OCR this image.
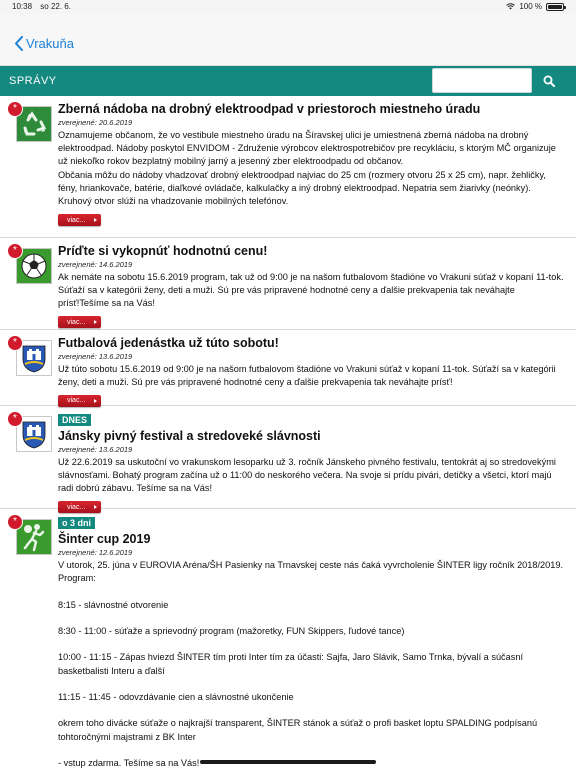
10:38 so 22. 6.	100 %
Vrakuňa
SPRÁVY
*	Zberná nádoba na drobný elektroodpad v priestoroch miestneho úradu
zverejnené: 20.6.2019
Oznamujeme občanom, že vo vestibule miestneho úradu na Šíravskej ulici je umiestnená zberná nádoba na drobný elektroodpad. Nádoby poskytol ENVIDOM - Združenie výrobcov elektrospotrebičov pre recykláciu, s ktorým MČ organizuje už niekoľko rokov bezplatný mobilný jarný a jesenný zber elektroodpadu od občanov.
Občania môžu do nádoby vhadzovať drobný elektroodpad najviac do 25 cm (rozmery otvoru 25 x 25 cm), napr. žehličky, fény, hriankovače, batérie, diaľkové ovládače, kalkulačky a iný drobný elektroodpad. Nepatria sem žiarivky (neónky). Kruhový otvor slúži na vhadzovanie mobilných telefónov.
viac...
*	Príďte si vykopnúť hodnotnú cenu!
zverejnené: 14.6.2019
Ak nemáte na sobotu 15.6.2019 program, tak už od 9:00 je na našom futbalovom štadióne vo Vrakuni súťaž v kopaní 11-tok. Súťaží sa v kategórii ženy, deti a muži. Sú pre vás pripravené hodnotné ceny a ďalšie prekvapenia tak neváhajte prísť!Tešíme sa na Vás!
viac...
*	Futbalová jedenástka už túto sobotu!
zverejnené: 13.6.2019
Už túto sobotu 15.6.2019 od 9:00 je na našom futbalovom štadióne vo Vrakuni súťaž v kopaní 11-tok. Súťaží sa v kategórii ženy, deti a muži. Sú pre vás pripravené hodnotné ceny a ďalšie prekvapenia tak neváhajte prísť!
viac...
*	DNES
Jánsky pivný festival a stredoveké slávnosti
zverejnené: 13.6.2019
Už 22.6.2019 sa uskutoční vo vrakunskom lesoparku už 3. ročník Jánskeho pivného festivalu, tentokrát aj so stredovekými slávnosťami. Bohatý program začína už o 11:00 do neskorého večera. Na svoje si prídu pivári, detičky a všetci, ktorí majú radi dobrú zábavu. Tešíme sa na Vás!
viac...
*	o 3 dni
Šinter cup 2019
zverejnené: 12.6.2019
V utorok, 25. júna v EUROVIA Aréna/ŠH Pasienky na Trnavskej ceste nás čaká vyvrcholenie ŠINTER ligy ročník 2018/2019. Program:

8:15 - slávnostné otvorenie

8:30 - 11:00 - súťaže a sprievodný program (mažoretky, FUN Skippers, ľudové tance)

10:00 - 11:15 - Zápas hviezd ŠINTER tím proti Inter tím za účasti: Sajfa, Jaro Slávik, Samo Trnka, bývalí a súčasní basketbalisti Interu a ďalší

11:15 - 11:45 - odovzdávanie cien a slávnostné ukončenie

okrem toho divácke súťaže o najkrajší transparent, ŠINTER stánok a súťaž o profi basket loptu SPALDING podpísanú tohtoročnými majstrami z BK Inter

- vstup zdarma. Tešíme sa na Vás!
